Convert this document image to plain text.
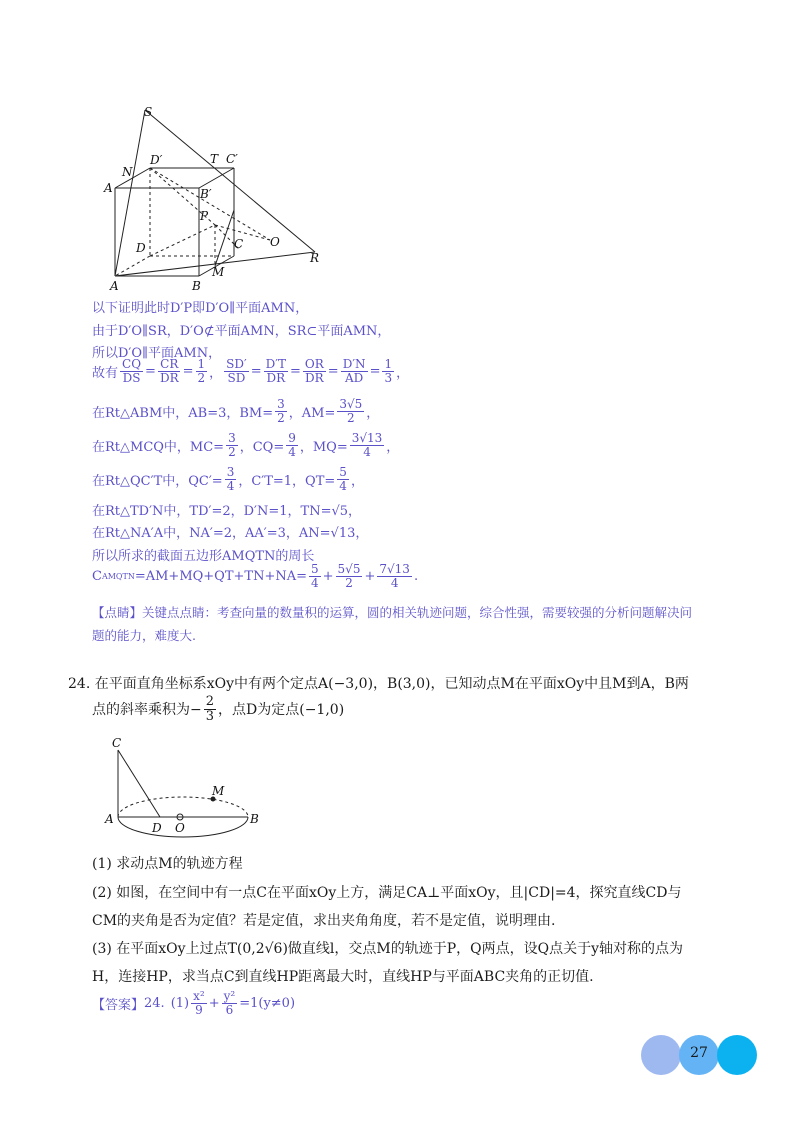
S
N
D′	T C′
A	B′
P
D	C O
M
R
A	B
以下证明此时D′P即D′O∥平面AMN，
由于D′O∥SR，D′O⊄平面AMN，SR⊂平面AMN，
所以D′O∥平面AMN，
故有 $\frac{CQ}{DS} = \frac{CR}{DR} = \frac{1}{2}$ ， $\frac{SD'}{SD} = \frac{D'T}{DR} = \frac{OR}{DR} = \frac{D'N}{AD} = \frac{1}{3}$ ，
在Rt△ABM中，AB=3，$BM= \frac{3}{2}$ ，$AM= \frac{3√5}{2}$ ，
在Rt△MCQ中，$MC= \frac{3}{2}$ ，$CQ= \frac{9}{4}$ ，$MQ= \frac{3√13}{4}$ ，
在Rt△QC′T中，$QC'= \frac{3}{4}$ ，C′T=1，$QT= \frac{5}{4}$ ，
在Rt△TD′N中，TD′=2，D′N=1，TN=√5，
在Rt△NA′A中，NA′=2，AA′=3，AN=√13，
所以所求的截面五边形AMQTN的周长
C AMQTN $=AM+MQ+QT+TN+NA= \frac{5}{4} + \frac{5√5}{2} + \frac{7√13}{4}$ .
【点睛】关键点点睛：考查向量的数量积的运算，圆的相关轨迹问题，综合性强，需要较强的分析问题解决问
题的能力，难度大.
24. 在平面直角坐标系xOy中有两个定点A(−3,0)，B(3,0)，已知动点M在平面xOy中且M到A，B两
点的斜率乘积为− $\frac{2}{3}$ ，点D为定点(−1,0)
C
M
A
D O
B
(1) 求动点M的轨迹方程
(2) 如图，在空间中有一点C在平面xOy上方，满足CA⊥平面xOy，且|CD|=4，探究直线CD与
CM的夹角是否为定值？若是定值，求出夹角角度，若不是定值，说明理由.
(3) 在平面xOy上过点T(0,2√6)做直线l，交点M的轨迹于P，Q两点，设Q点关于y轴对称的点为
H，连接HP，求当点C到直线HP距离最大时，直线HP与平面ABC夹角的正切值.
【答案】 24. $(1) \frac{\text{x²}}{9} + \frac{\text{y²}}{6} =1(y\ne 0)$
27
